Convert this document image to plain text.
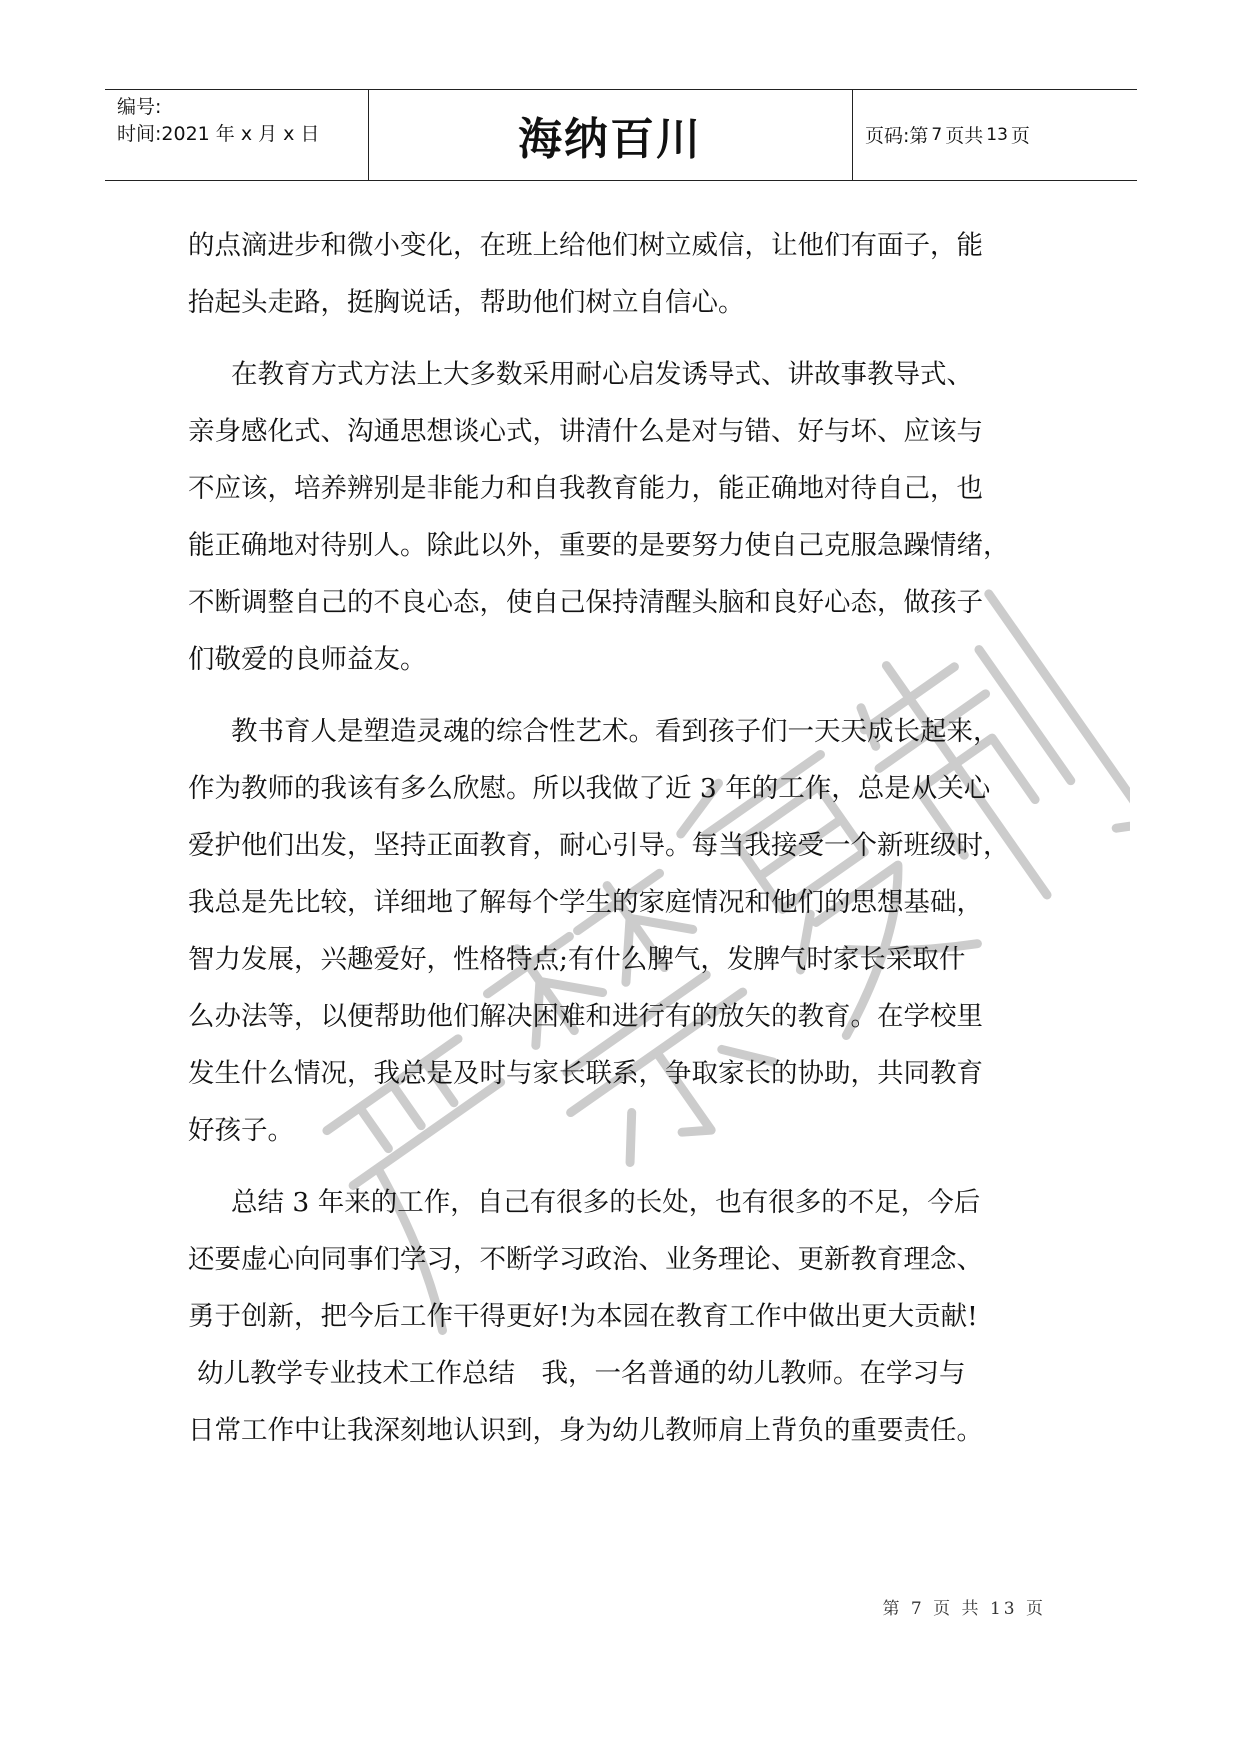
编号:
时间:2021 年 x 月 x 日	海纳百川	页码:第 7 页共 13 页
的点滴进步和微小变化，在班上给他们树立威信，让他们有面子，能
抬起头走路，挺胸说话，帮助他们树立自信心。
在教育方式方法上大多数采用耐心启发诱导式、讲故事教导式、
亲身感化式、沟通思想谈心式，讲清什么是对与错、好与坏、应该与
不应该，培养辨别是非能力和自我教育能力，能正确地对待自己，也
能正确地对待别人。除此以外，重要的是要努力使自己克服急躁情绪，
不断调整自己的不良心态，使自己保持清醒头脑和良好心态，做孩子
们敬爱的良师益友。
教书育人是塑造灵魂的综合性艺术。看到孩子们一天天成长起来，
作为教师的我该有多么欣慰。所以我做了近 3 年的工作，总是从关心
爱护他们出发，坚持正面教育，耐心引导。每当我接受一个新班级时，
我总是先比较，详细地了解每个学生的家庭情况和他们的思想基础，
智力发展，兴趣爱好，性格特点;有什么脾气，发脾气时家长采取什
么办法等，以便帮助他们解决困难和进行有的放矢的教育。在学校里
发生什么情况，我总是及时与家长联系，争取家长的协助，共同教育
好孩子。
总结 3 年来的工作，自己有很多的长处，也有很多的不足，今后
还要虚心向同事们学习，不断学习政治、业务理论、更新教育理念、
勇于创新，把今后工作干得更好!为本园在教育工作中做出更大贡献!
幼儿教学专业技术工作总结　我，一名普通的幼儿教师。在学习与
日常工作中让我深刻地认识到，身为幼儿教师肩上背负的重要责任。
第 7 页 共 13 页
